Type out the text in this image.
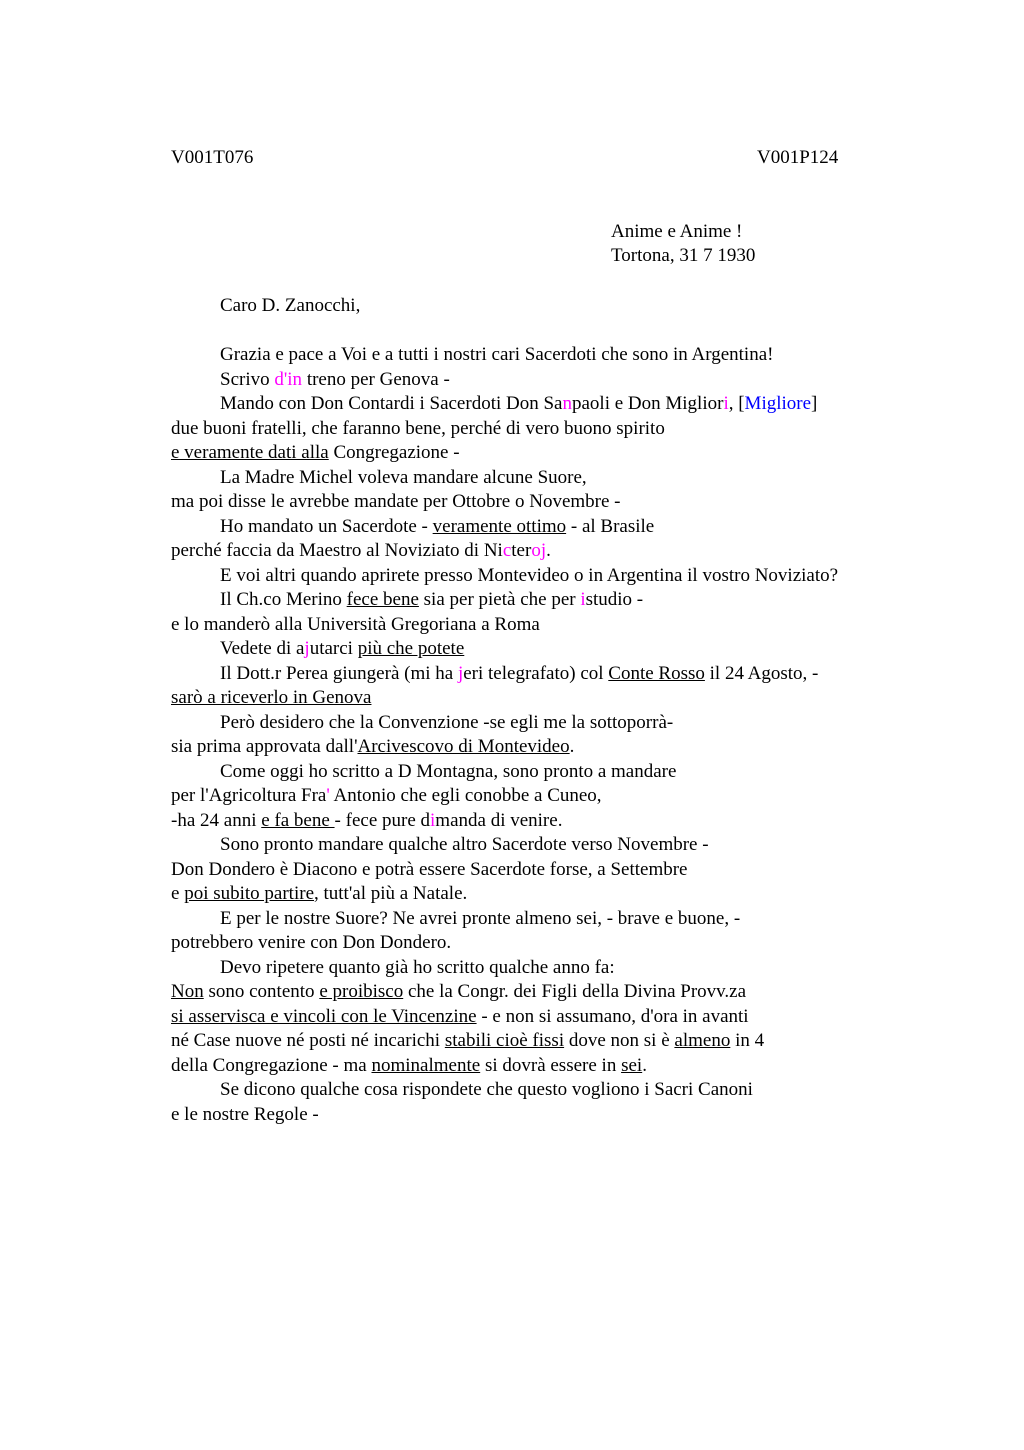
V001T076	V001P124
Anime e Anime !
Tortona, 31 7 1930
Caro D. Zanocchi,
Grazia e pace a Voi e a tutti i nostri cari Sacerdoti che sono in Argentina!
Scrivo d'in treno per Genova -
Mando con Don Contardi i Sacerdoti Don Sanpaoli e Don Migliori, [Migliore]
due buoni fratelli, che faranno bene, perché di vero buono spirito
e veramente dati alla Congregazione -
La Madre Michel voleva mandare alcune Suore,
ma poi disse le avrebbe mandate per Ottobre o Novembre -
Ho mandato un Sacerdote - veramente ottimo - al Brasile
perché faccia da Maestro al Noviziato di Nicteroj.
E voi altri quando aprirete presso Montevideo o in Argentina il vostro Noviziato?
Il Ch.co Merino fece bene sia per pietà che per istudio -
e lo manderò alla Università Gregoriana a Roma
Vedete di ajutarci più che potete
Il Dott.r Perea giungerà (mi ha jeri telegrafato) col Conte Rosso il 24 Agosto, -
sarò a riceverlo in Genova
Però desidero che la Convenzione -se egli me la sottoporrà-
sia prima approvata dall'Arcivescovo di Montevideo.
Come oggi ho scritto a D Montagna, sono pronto a mandare
per l'Agricoltura Fra' Antonio che egli conobbe a Cuneo,
-ha 24 anni e fa bene - fece pure dimanda di venire.
Sono pronto mandare qualche altro Sacerdote verso Novembre -
Don Dondero è Diacono e potrà essere Sacerdote forse, a Settembre
e poi subito partire, tutt'al più a Natale.
E per le nostre Suore? Ne avrei pronte almeno sei, - brave e buone, -
potrebbero venire con Don Dondero.
Devo ripetere quanto già ho scritto qualche anno fa:
Non sono contento e proibisco che la Congr. dei Figli della Divina Provv.za
si asservisca e vincoli con le Vincenzine - e non si assumano, d'ora in avanti
né Case nuove né posti né incarichi stabili cioè fissi dove non si è almeno in 4
della Congregazione - ma nominalmente si dovrà essere in sei.
Se dicono qualche cosa rispondete che questo vogliono i Sacri Canoni
e le nostre Regole -
